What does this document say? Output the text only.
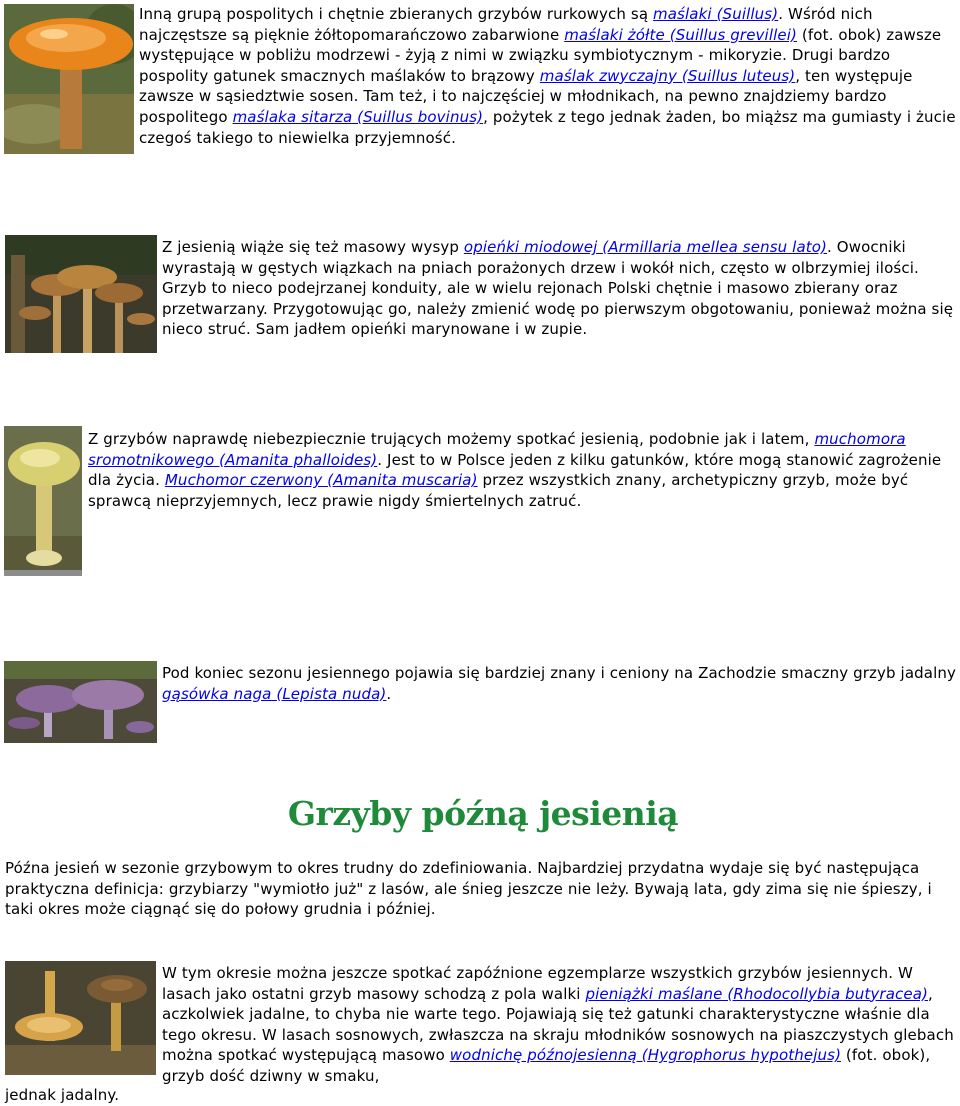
Inną grupą pospolitych i chętnie zbieranych grzybów rurkowych są maślaki (Suillus). Wśród nich najczęstsze są pięknie żółtopomarańczowo zabarwione maślaki żółte (Suillus grevillei) (fot. obok) zawsze występujące w pobliżu modrzewi - żyją z nimi w związku symbiotycznym - mikoryzie. Drugi bardzo pospolity gatunek smacznych maślaków to brązowy maślak zwyczajny (Suillus luteus), ten występuje zawsze w sąsiedztwie sosen. Tam też, i to najczęściej w młodnikach, na pewno znajdziemy bardzo pospolitego maślaka sitarza (Suillus bovinus), pożytek z tego jednak żaden, bo miąższ ma gumiasty i żucie czegoś takiego to niewielka przyjemność.

Z jesienią wiąże się też masowy wysyp opieńki miodowej (Armillaria mellea sensu lato). Owocniki wyrastają w gęstych wiązkach na pniach porażonych drzew i wokół nich, często w olbrzymiej ilości. Grzyb to nieco podejrzanej konduity, ale w wielu rejonach Polski chętnie i masowo zbierany oraz przetwarzany. Przygotowując go, należy zmienić wodę po pierwszym obgotowaniu, ponieważ można się nieco struć. Sam jadłem opieńki marynowane i w zupie.

Z grzybów naprawdę niebezpiecznie trujących możemy spotkać jesienią, podobnie jak i latem, muchomora sromotnikowego (Amanita phalloides). Jest to w Polsce jeden z kilku gatunków, które mogą stanowić zagrożenie dla życia. Muchomor czerwony (Amanita muscaria) przez wszystkich znany, archetypiczny grzyb, może być sprawcą nieprzyjemnych, lecz prawie nigdy śmiertelnych zatruć.

Pod koniec sezonu jesiennego pojawia się bardziej znany i ceniony na Zachodzie smaczny grzyb jadalny gąsówka naga (Lepista nuda).

Grzyby późną jesienią

Późna jesień w sezonie grzybowym to okres trudny do zdefiniowania. Najbardziej przydatna wydaje się być następująca praktyczna definicja: grzybiarzy "wymiotło już" z lasów, ale śnieg jeszcze nie leży. Bywają lata, gdy zima się nie śpieszy, i taki okres może ciągnąć się do połowy grudnia i później.

W tym okresie można jeszcze spotkać zapóźnione egzemplarze wszystkich grzybów jesiennych. W lasach jako ostatni grzyb masowy schodzą z pola walki pieniążki maślane (Rhodocollybia butyracea), aczkolwiek jadalne, to chyba nie warte tego. Pojawiają się też gatunki charakterystyczne właśnie dla tego okresu. W lasach sosnowych, zwłaszcza na skraju młodników sosnowych na piaszczystych glebach można spotkać występującą masowo wodnichę późnojesienną (Hygrophorus hypothejus) (fot. obok), grzyb dość dziwny w smaku,

jednak jadalny.
